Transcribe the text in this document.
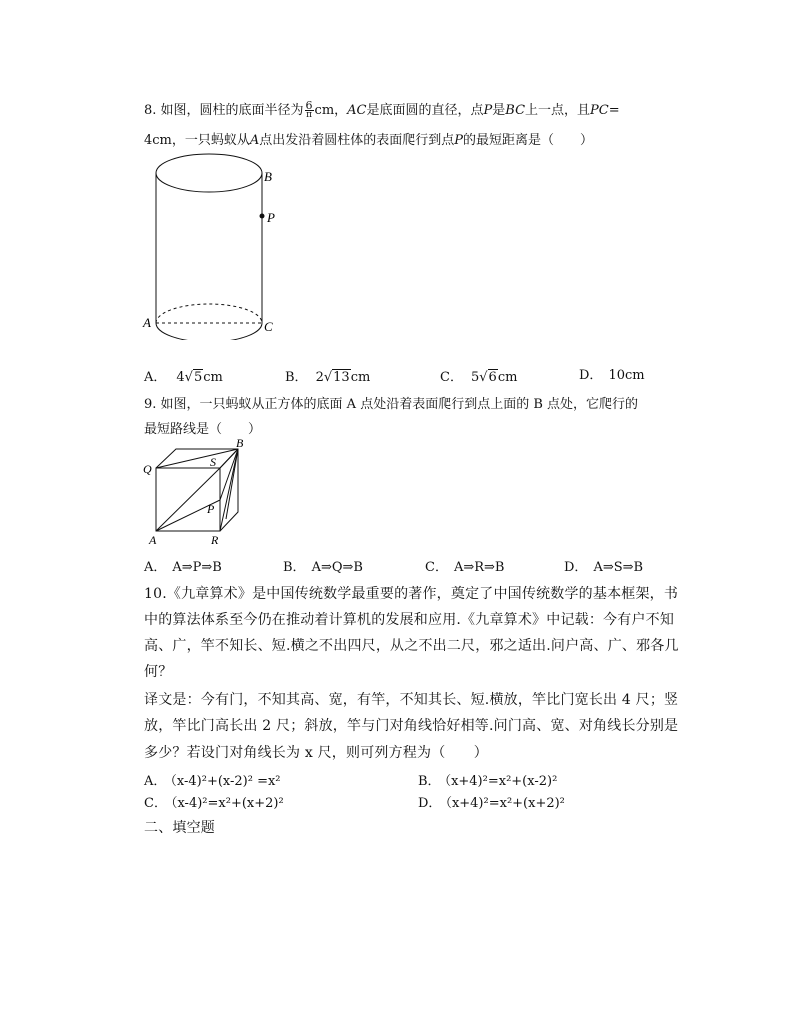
8. 如图，圆柱的底面半径为 $\frac{6}{\pi}$ cm，AC是底面圆的直径，点P是BC上一点，且PC=
4cm，一只蚂蚁从A点出发沿着圆柱体的表面爬行到点P的最短距离是（　　）
B
P
A	C
A． 4√5cm	B． 2√13cm	C． 5√6cm	D． 10cm
9. 如图，一只蚂蚁从正方体的底面 A 点处沿着表面爬行到点上面的 B 点处，它爬行的
最短路线是（　　）
B
Q	S
P
A	R
A． A⇒P⇒B	B． A⇒Q⇒B	C． A⇒R⇒B	D． A⇒S⇒B
10.《九章算术》是中国传统数学最重要的著作，奠定了中国传统数学的基本框架，书
中的算法体系至今仍在推动着计算机的发展和应用.《九章算术》中记载：今有户不知
高、广，竿不知长、短.横之不出四尺，从之不出二尺，邪之适出.问户高、广、邪各几
何？
译文是：今有门，不知其高、宽，有竿，不知其长、短.横放，竿比门宽长出 4 尺；竖
放，竿比门高长出 2 尺；斜放，竿与门对角线恰好相等.问门高、宽、对角线长分别是
多少？若设门对角线长为 x 尺，则可列方程为（　　）
A． （x-4)²+(x-2)² =x²	B． （x+4)²=x²+(x-2)²
C． （x-4)²=x²+(x+2)²	D． （x+4)²=x²+(x+2)²
二、填空题
